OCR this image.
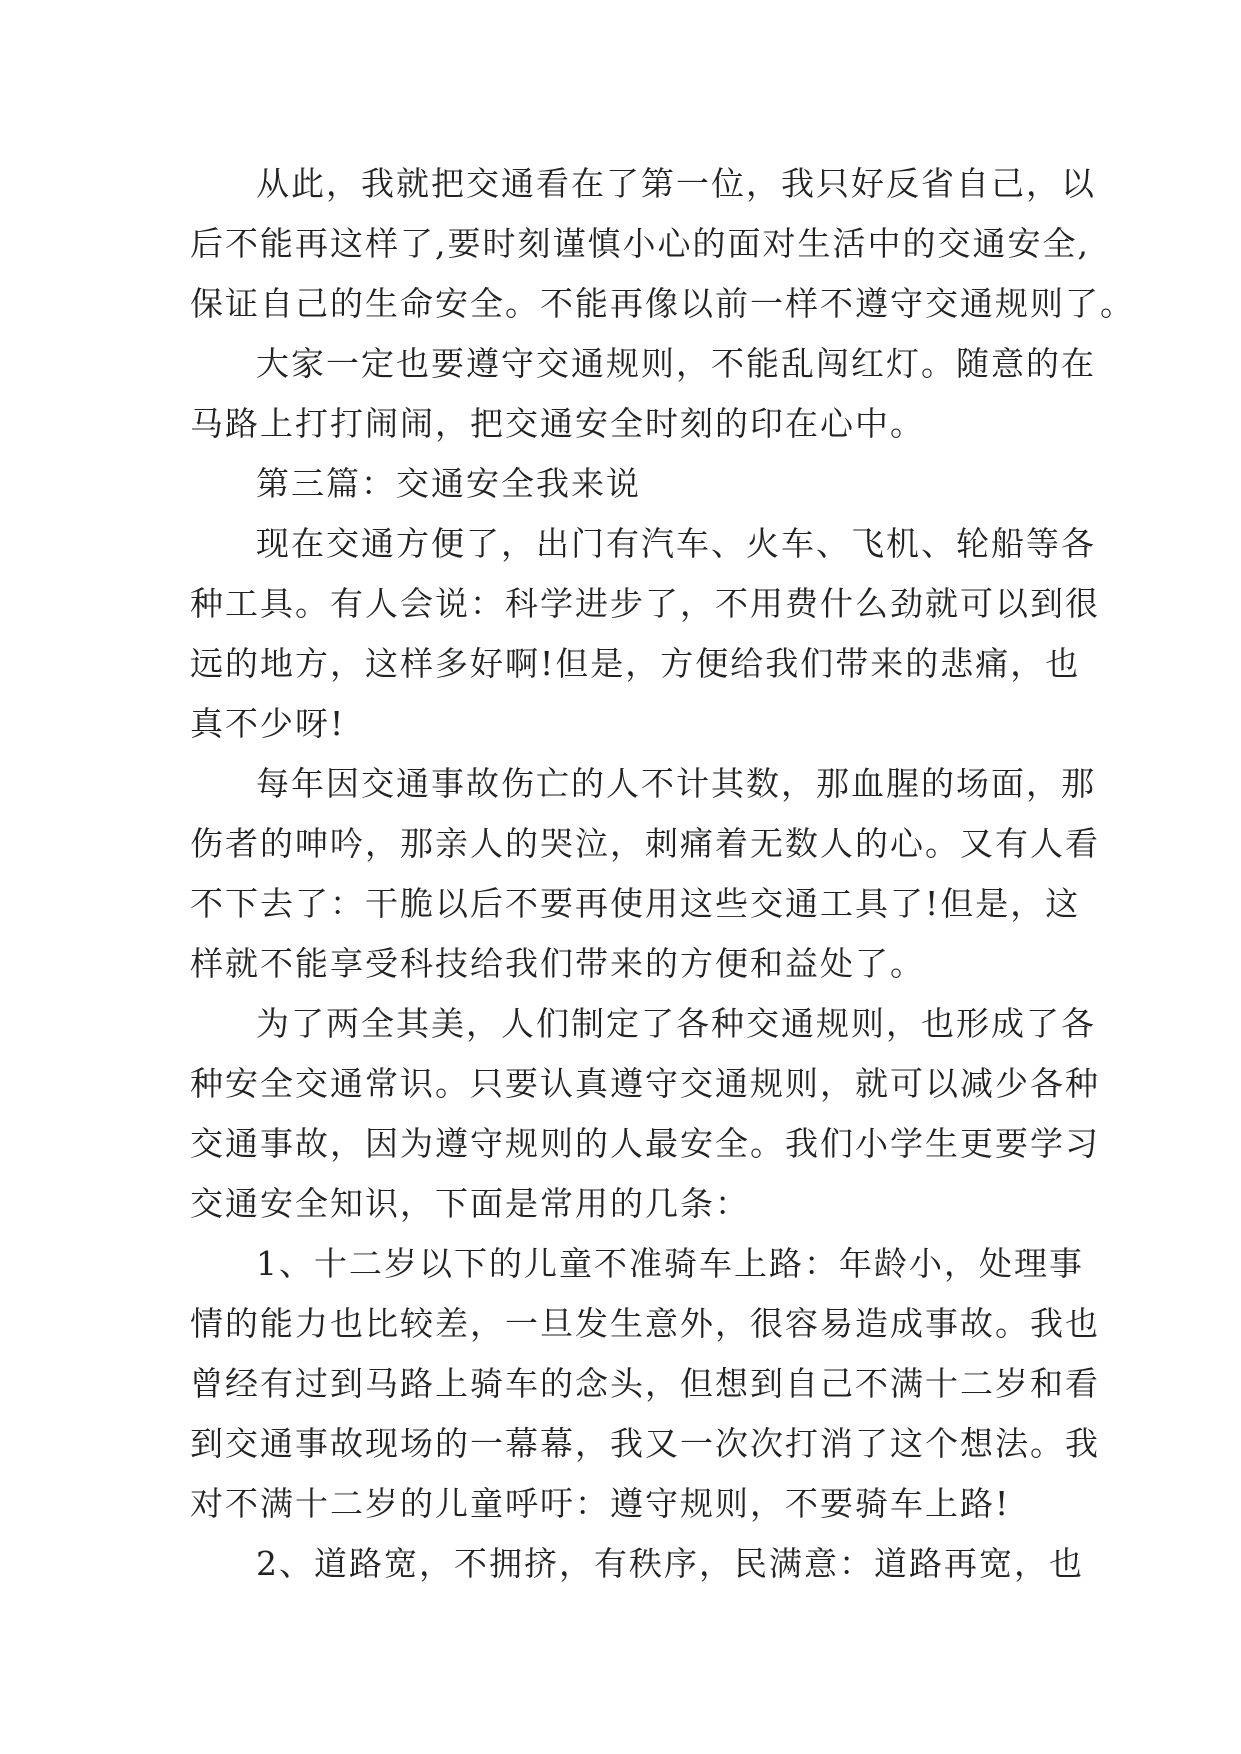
从此，我就把交通看在了第一位，我只好反省自己，以
后不能再这样了,要时刻谨慎小心的面对生活中的交通安全,
保证自己的生命安全。不能再像以前一样不遵守交通规则了。
大家一定也要遵守交通规则，不能乱闯红灯。随意的在
马路上打打闹闹，把交通安全时刻的印在心中。
第三篇：交通安全我来说
现在交通方便了，出门有汽车、火车、飞机、轮船等各
种工具。有人会说：科学进步了，不用费什么劲就可以到很
远的地方，这样多好啊!但是，方便给我们带来的悲痛，也
真不少呀!
每年因交通事故伤亡的人不计其数，那血腥的场面，那
伤者的呻吟，那亲人的哭泣，刺痛着无数人的心。又有人看
不下去了：干脆以后不要再使用这些交通工具了!但是，这
样就不能享受科技给我们带来的方便和益处了。
为了两全其美，人们制定了各种交通规则，也形成了各
种安全交通常识。只要认真遵守交通规则，就可以减少各种
交通事故，因为遵守规则的人最安全。我们小学生更要学习
交通安全知识，下面是常用的几条：
1、十二岁以下的儿童不准骑车上路：年龄小，处理事
情的能力也比较差，一旦发生意外，很容易造成事故。我也
曾经有过到马路上骑车的念头，但想到自己不满十二岁和看
到交通事故现场的一幕幕，我又一次次打消了这个想法。我
对不满十二岁的儿童呼吁：遵守规则，不要骑车上路!
2、道路宽，不拥挤，有秩序，民满意：道路再宽，也
